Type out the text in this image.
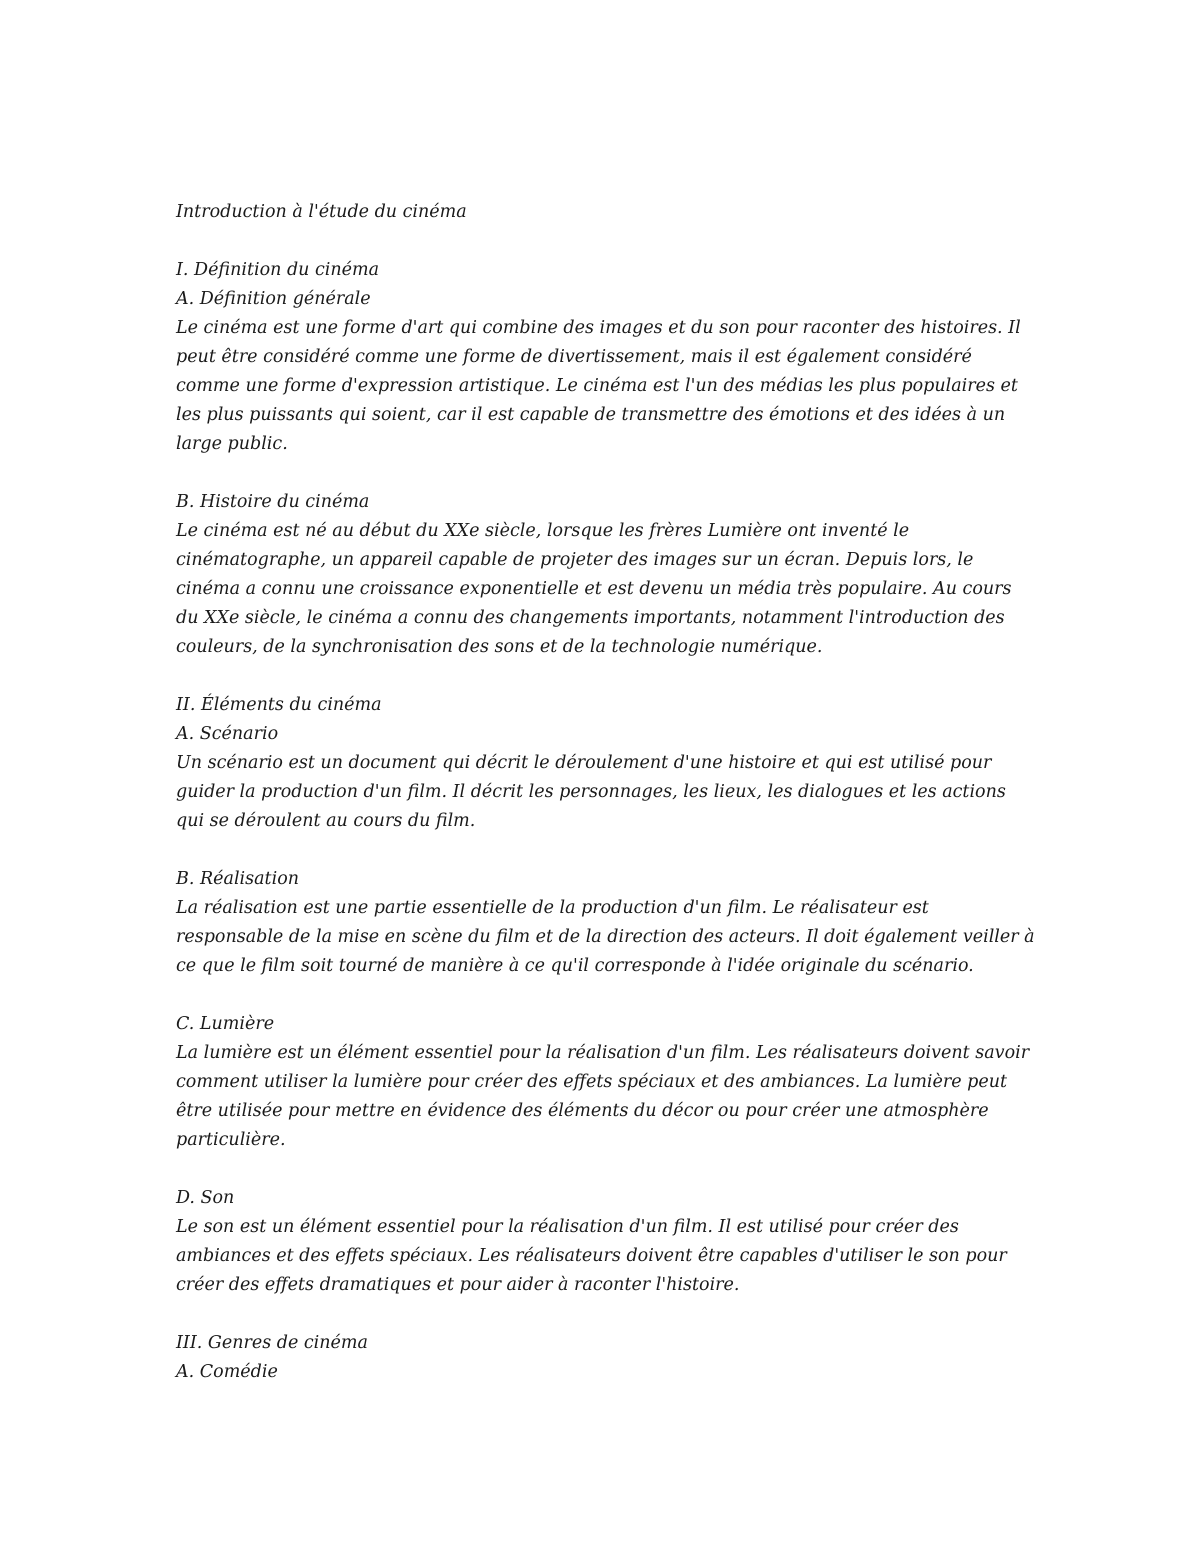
Introduction à l'étude du cinéma
I. Définition du cinéma
A. Définition générale
Le cinéma est une forme d'art qui combine des images et du son pour raconter des histoires. Il
peut être considéré comme une forme de divertissement, mais il est également considéré
comme une forme d'expression artistique. Le cinéma est l'un des médias les plus populaires et
les plus puissants qui soient, car il est capable de transmettre des émotions et des idées à un
large public.
B. Histoire du cinéma
Le cinéma est né au début du XXe siècle, lorsque les frères Lumière ont inventé le
cinématographe, un appareil capable de projeter des images sur un écran. Depuis lors, le
cinéma a connu une croissance exponentielle et est devenu un média très populaire. Au cours
du XXe siècle, le cinéma a connu des changements importants, notamment l'introduction des
couleurs, de la synchronisation des sons et de la technologie numérique.
II. Éléments du cinéma
A. Scénario
Un scénario est un document qui décrit le déroulement d'une histoire et qui est utilisé pour
guider la production d'un film. Il décrit les personnages, les lieux, les dialogues et les actions
qui se déroulent au cours du film.
B. Réalisation
La réalisation est une partie essentielle de la production d'un film. Le réalisateur est
responsable de la mise en scène du film et de la direction des acteurs. Il doit également veiller à
ce que le film soit tourné de manière à ce qu'il corresponde à l'idée originale du scénario.
C. Lumière
La lumière est un élément essentiel pour la réalisation d'un film. Les réalisateurs doivent savoir
comment utiliser la lumière pour créer des effets spéciaux et des ambiances. La lumière peut
être utilisée pour mettre en évidence des éléments du décor ou pour créer une atmosphère
particulière.
D. Son
Le son est un élément essentiel pour la réalisation d'un film. Il est utilisé pour créer des
ambiances et des effets spéciaux. Les réalisateurs doivent être capables d'utiliser le son pour
créer des effets dramatiques et pour aider à raconter l'histoire.
III. Genres de cinéma
A. Comédie
